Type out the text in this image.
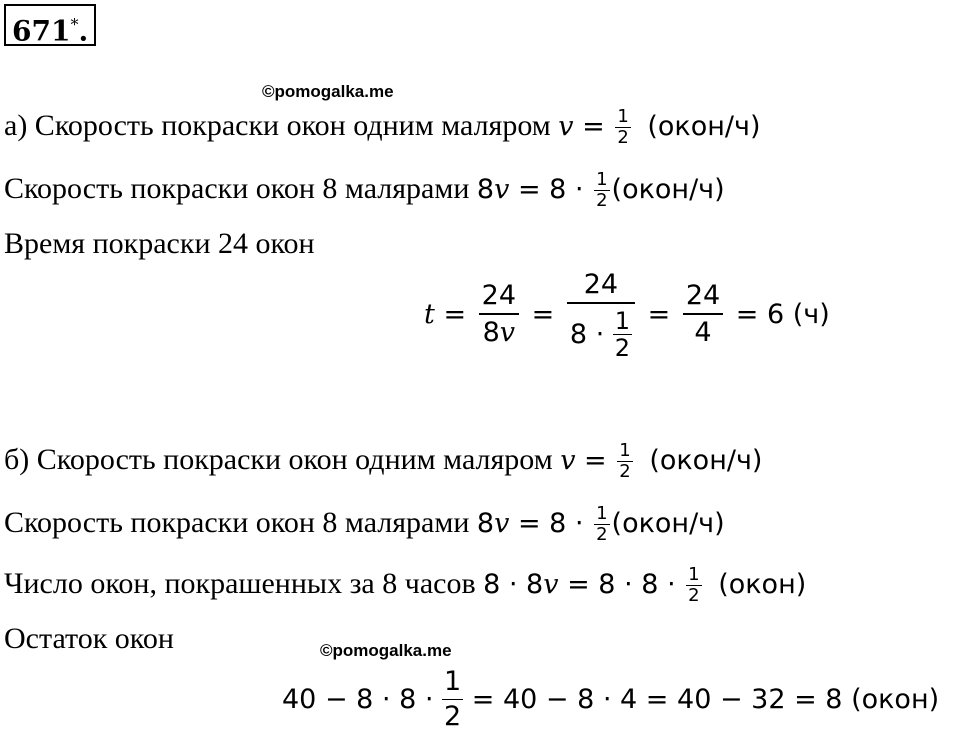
671*.
©pomogalka.me
а) Скорость покраски окон одним маляром $v = \frac{1}{2}$ (окон/ч)
Скорость покраски окон 8 малярами $8v = 8 \cdot \frac{1}{2}$ (окон/ч)
Время покраски 24 окон
$t = \frac{24}{8v} = \frac{24}{8 \cdot \frac{1}{2}} = \frac{24}{4} = 6$ (ч)
б) Скорость покраски окон одним маляром $v = \frac{1}{2}$ (окон/ч)
Скорость покраски окон 8 малярами $8v = 8 \cdot \frac{1}{2}$ (окон/ч)
Число окон, покрашенных за 8 часов $8 \cdot 8v = 8 \cdot 8 \cdot \frac{1}{2}$ (окон)
Остаток окон	©pomogalka.me
$40 - 8 \cdot 8 \cdot \frac{1}{2} = 40 - 8 \cdot 4 = 40 - 32 = 8$ (окон)
